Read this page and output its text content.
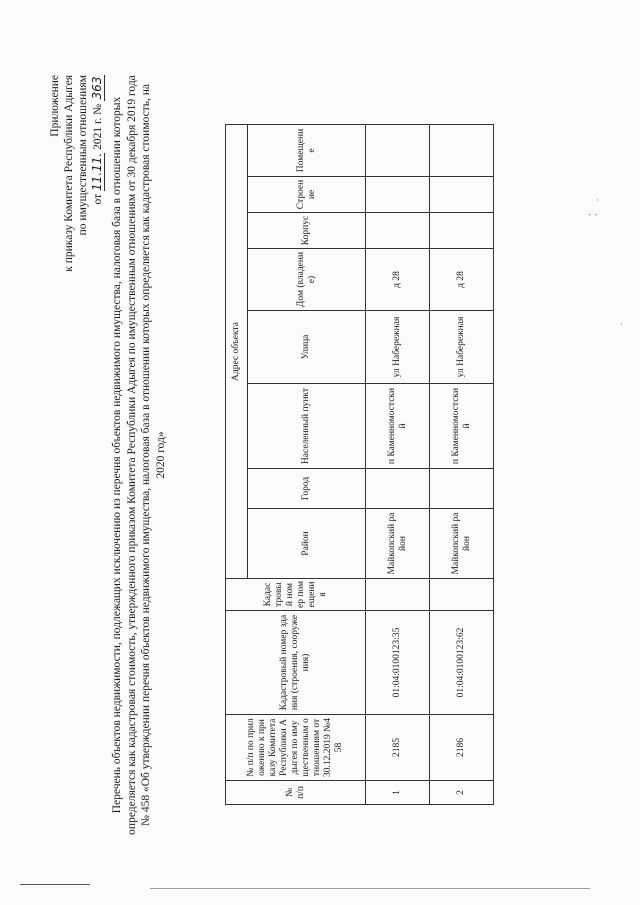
Приложение к приказу Комитета Республики Адыгея по имущественным отношениям от 11.11. 2021 г. № 363
Перечень объектов недвижимости, подлежащих исключению из перечня объектов недвижимого имущества, налоговая база в отношении которых определяется как кадастровая стоимость, утвержденного приказом Комитета Республики Адыгея по имущественным отношениям от 30 декабря 2019 года № 458 «Об утверждении перечня объектов недвижимого имущества, налоговая база в отношении которых определяется как кадастровая стоимость, на 2020 год»
№ п/п	№ п/п по приложению к приказу Комитета Республики Адыгея по имущественным отношениям от 30.12.2019 №458	Кадастровый номер здания (строения, сооружения)	Кадастровый номер помещения	Адрес объекта							
				Район	Город	Населенный пункт	Улица	Дом (владение)	Корпус	Строение	Помещение
1	2185	01:04:0100123:35		Майкопский район		п Каменномостский	ул Набережная	д 28			
2	2186	01:04:0100123:62		Майкопский район		п Каменномостский	ул Набережная	д 28			
·
- -
·
